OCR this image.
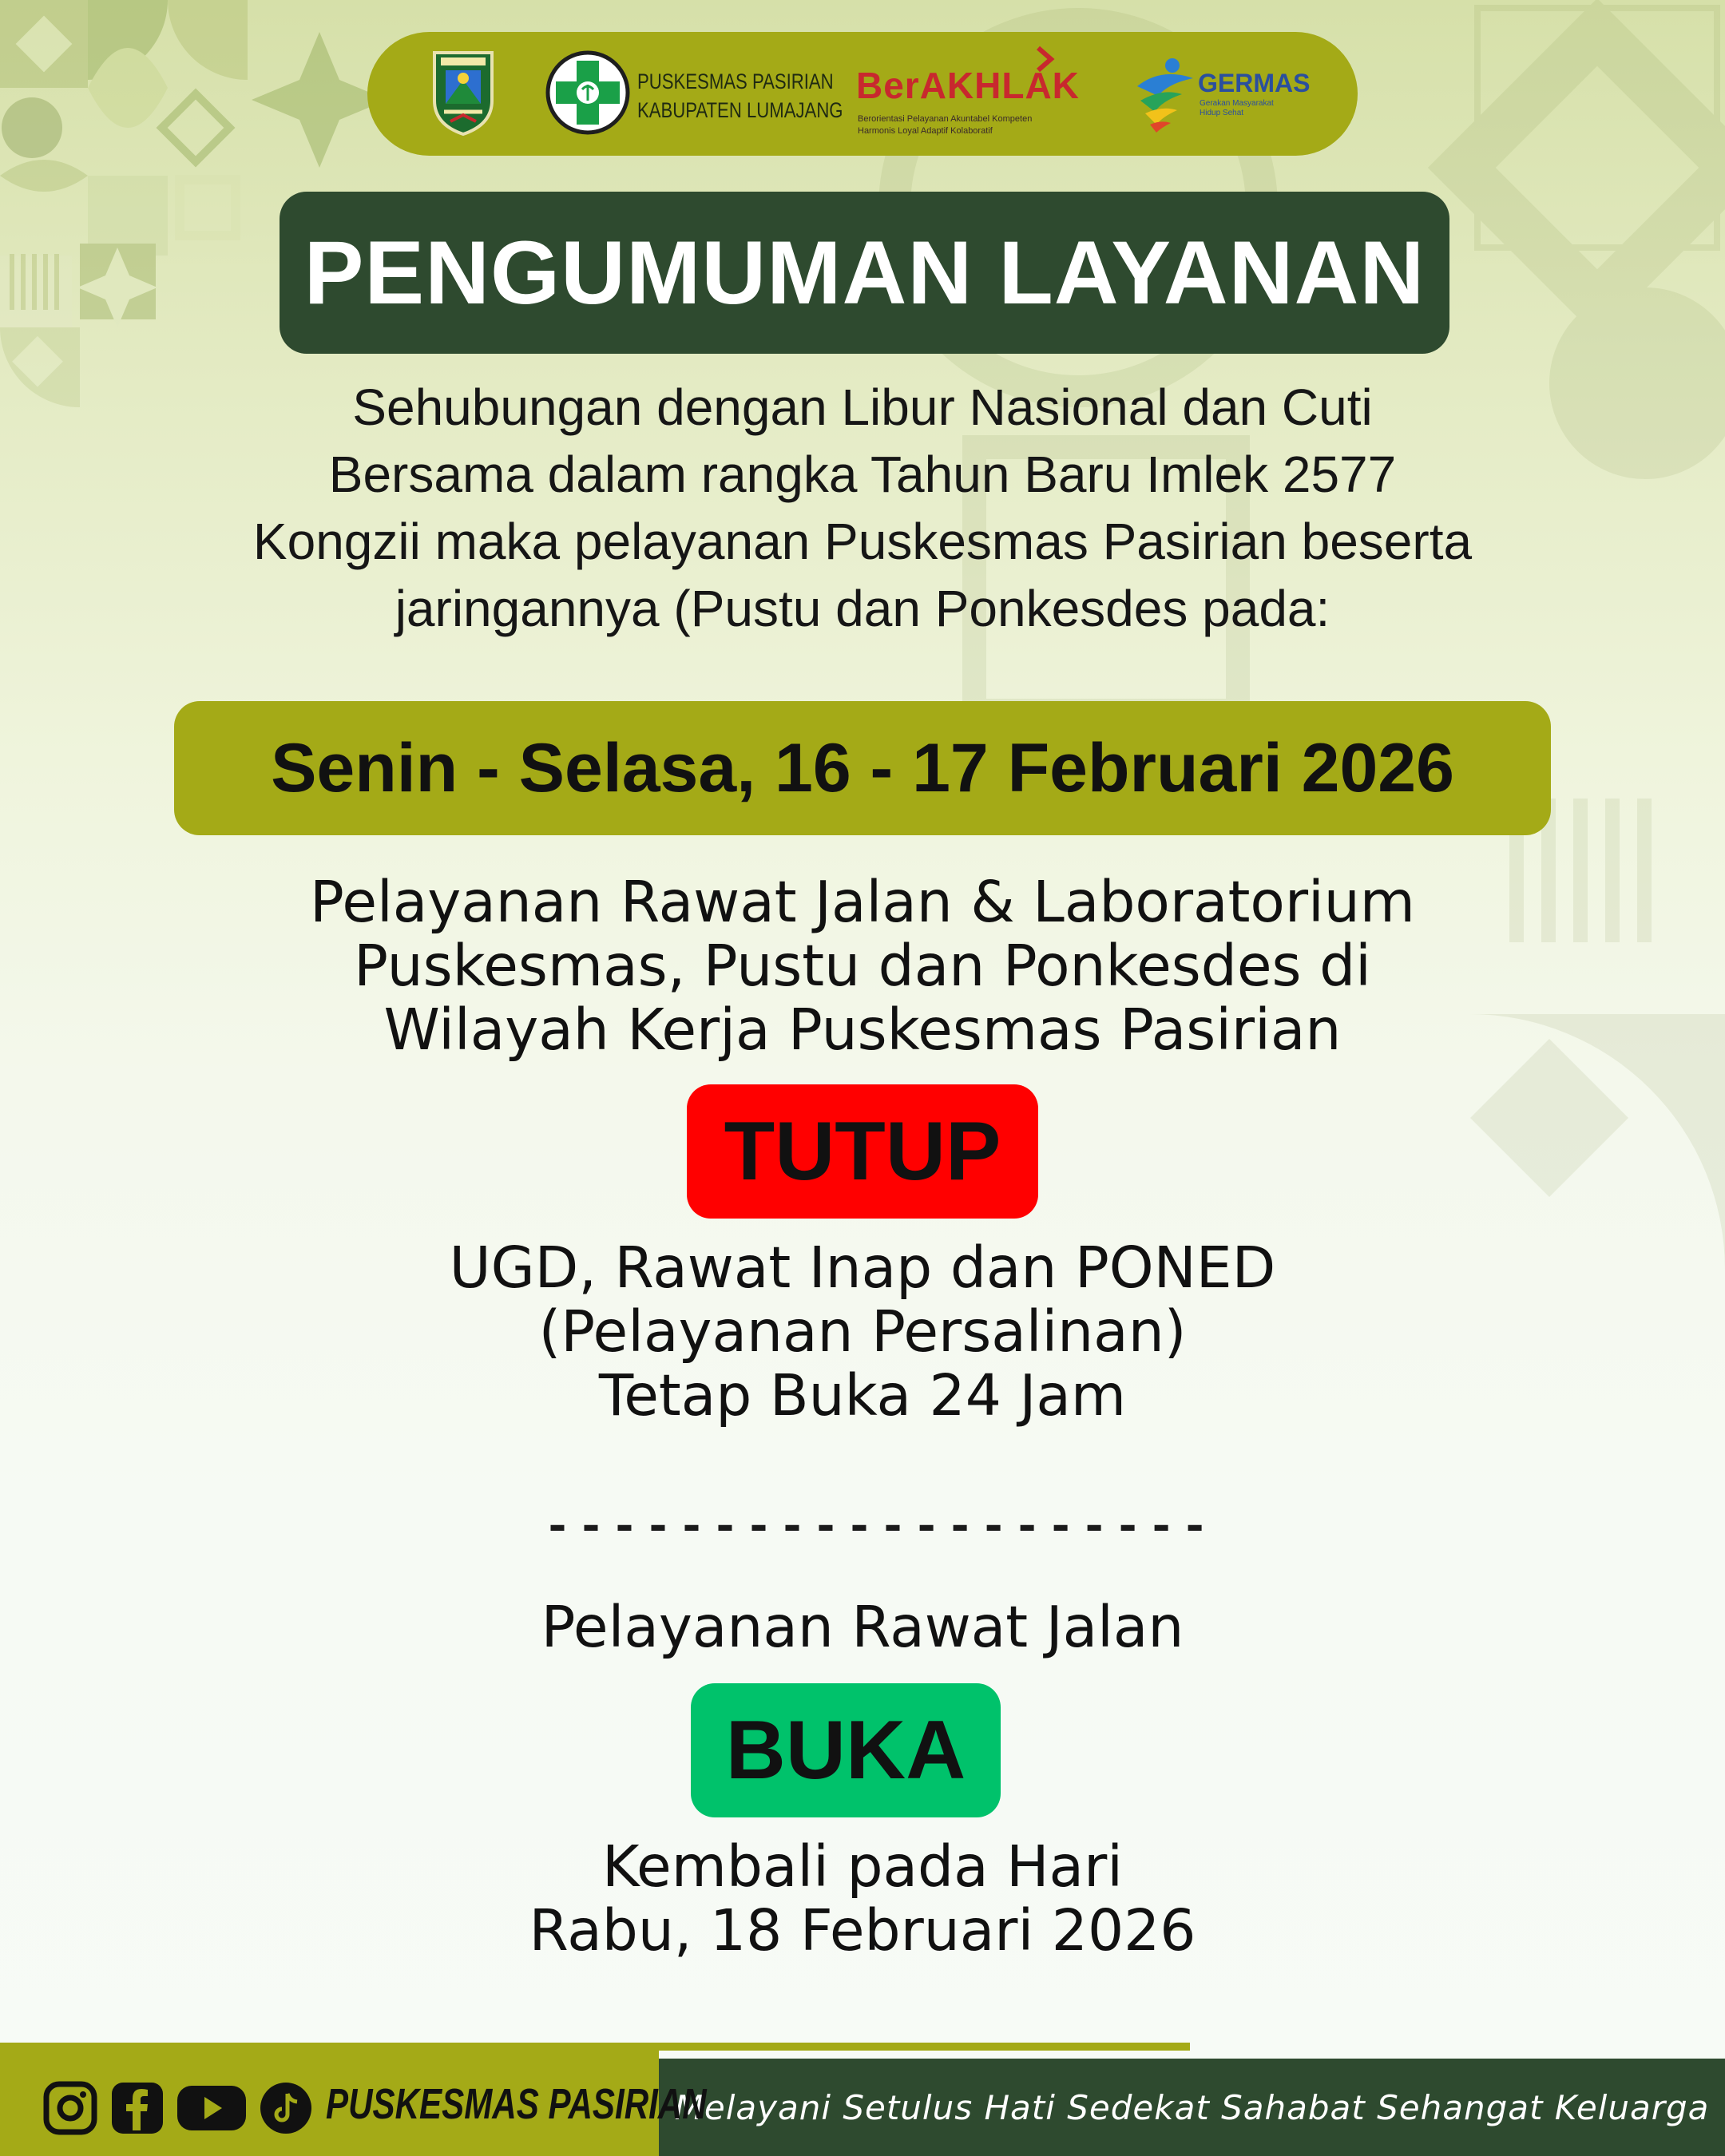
PUSKESMAS PASIRIAN
KABUPATEN LUMAJANG
BerAKHLAK
Berorientasi Pelayanan Akuntabel Kompeten
Harmonis Loyal Adaptif Kolaboratif
GERMAS
Gerakan Masyarakat
Hidup Sehat
PENGUMUMAN LAYANAN
Sehubungan dengan Libur Nasional dan Cuti
Bersama dalam rangka Tahun Baru Imlek 2577
Kongzii maka pelayanan Puskesmas Pasirian beserta
jaringannya (Pustu dan Ponkesdes pada:
Senin - Selasa, 16 - 17 Februari 2026
Pelayanan Rawat Jalan & Laboratorium
Puskesmas, Pustu dan Ponkesdes di
Wilayah Kerja Puskesmas Pasirian
TUTUP
UGD, Rawat Inap dan PONED
(Pelayanan Persalinan)
Tetap Buka 24 Jam
--------------------
Pelayanan Rawat Jalan
BUKA
Kembali pada Hari
Rabu, 18 Februari 2026
Melayani Setulus Hati Sedekat Sahabat Sehangat Keluarga
PUSKESMAS PASIRIAN
